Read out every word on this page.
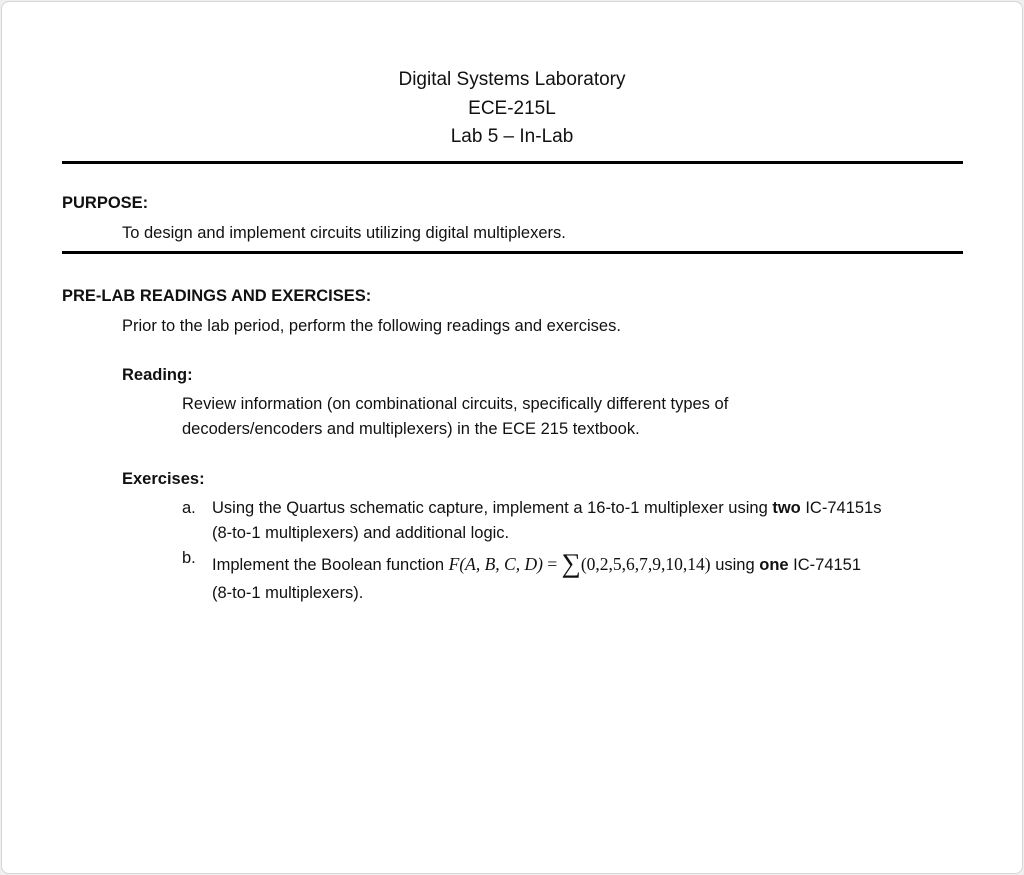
Digital Systems Laboratory
ECE-215L
Lab 5 – In-Lab
PURPOSE:
To design and implement circuits utilizing digital multiplexers.
PRE-LAB READINGS AND EXERCISES:
Prior to the lab period, perform the following readings and exercises.
Reading:
Review information (on combinational circuits, specifically different types of
decoders/encoders and multiplexers) in the ECE 215 textbook.
Exercises:
a. Using the Quartus schematic capture, implement a 16-to-1 multiplexer using two IC-74151s
(8-to-1 multiplexers) and additional logic.
b. Implement the Boolean function F(A, B, C, D) = ∑ (0,2,5,6,7,9,10,14) using one IC-74151
(8-to-1 multiplexers).
